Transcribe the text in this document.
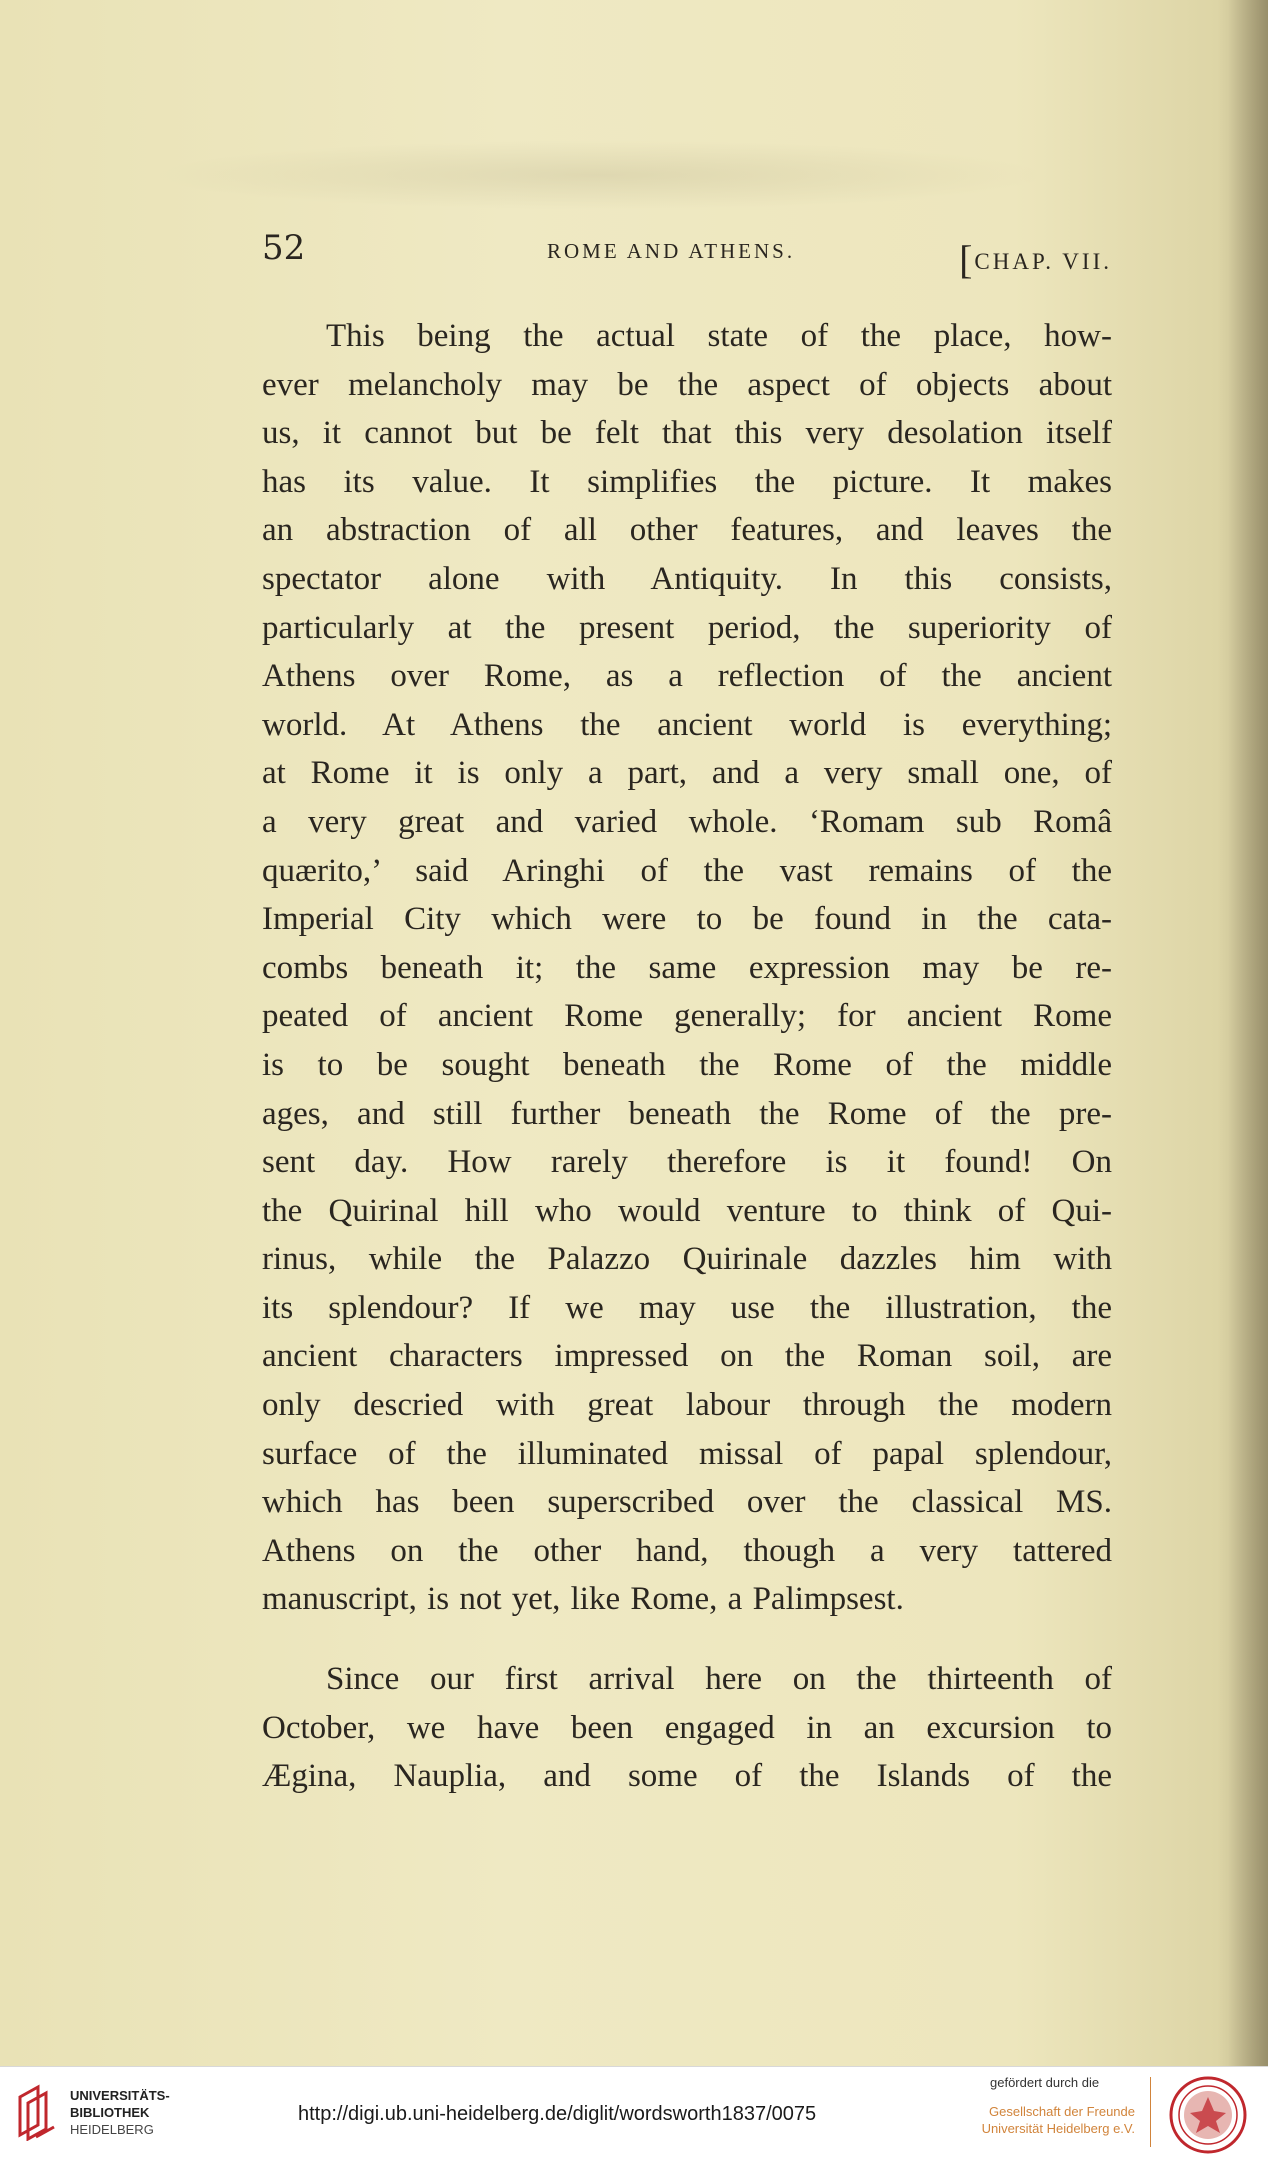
52	ROME AND ATHENS.	[CHAP. VII.
This being the actual state of the place, how-
ever melancholy may be the aspect of objects about
us, it cannot but be felt that this very desolation itself
has its value. It simplifies the picture. It makes
an abstraction of all other features, and leaves the
spectator alone with Antiquity. In this consists,
particularly at the present period, the superiority of
Athens over Rome, as a reflection of the ancient
world. At Athens the ancient world is everything;
at Rome it is only a part, and a very small one, of
a very great and varied whole. ‘Romam sub Româ
quærito,’ said Aringhi of the vast remains of the
Imperial City which were to be found in the cata-
combs beneath it; the same expression may be re-
peated of ancient Rome generally; for ancient Rome
is to be sought beneath the Rome of the middle
ages, and still further beneath the Rome of the pre-
sent day. How rarely therefore is it found! On
the Quirinal hill who would venture to think of Qui-
rinus, while the Palazzo Quirinale dazzles him with
its splendour? If we may use the illustration, the
ancient characters impressed on the Roman soil, are
only descried with great labour through the modern
surface of the illuminated missal of papal splendour,
which has been superscribed over the classical MS.
Athens on the other hand, though a very tattered
manuscript, is not yet, like Rome, a Palimpsest.
Since our first arrival here on the thirteenth of
October, we have been engaged in an excursion to
Ægina, Nauplia, and some of the Islands of the
UNIVERSITÄTS-
BIBLIOTHEK
HEIDELBERG
http://digi.ub.uni-heidelberg.de/diglit/wordsworth1837/0075
gefördert durch die
Gesellschaft der Freunde
Universität Heidelberg e.V.
